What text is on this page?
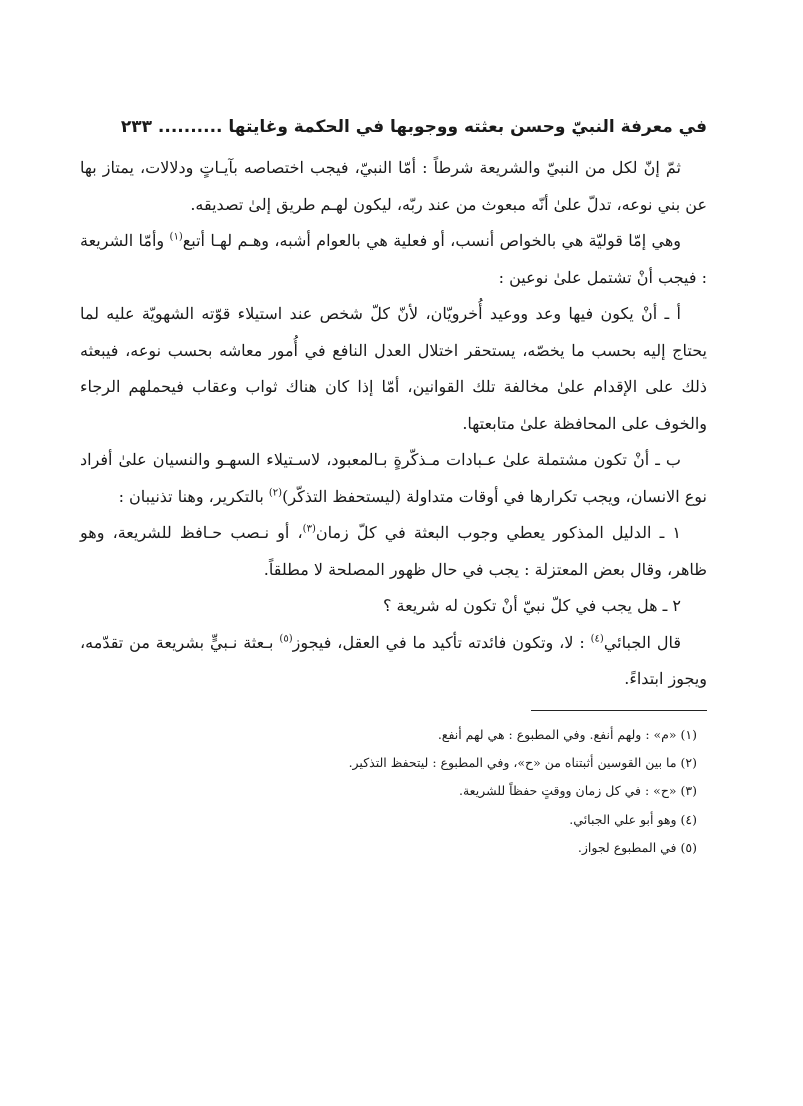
في معرفة النبيّ وحسن بعثته ووجوبها في الحكمة وغايتها .......... ٢٣٣

ثمّ إنّ لكل من النبيّ والشريعة شرطاً : أمّا النبيّ، فيجب اختصاصه بآيـاتٍ ودلالات، يمتاز بها عن بني نوعه، تدلّ علىٰ أنّه مبعوث من عند ربّه، ليكون لهـم طريق إلىٰ تصديقه.

وهي إمّا قوليّة هي بالخواص أنسب، أو فعلية هي بالعوام أشبه، وهـم لهـا أتبع$^{(١)}$ وأمّا الشريعة : فيجب أنْ تشتمل علىٰ نوعين :

أ ـ أنْ يكون فيها وعد ووعيد أُخرويّان، لأنّ كلّ شخص عند استيلاء قوّته الشهويّة عليه لما يحتاج إليه بحسب ما يخصّه، يستحقر اختلال العدل النافع في أُمور معاشه بحسب نوعه، فيبعثه ذلك على الإقدام علىٰ مخالفة تلك القوانين، أمّا إذا كان هناك ثواب وعقاب فيحملهم الرجاء والخوف على المحافظة علىٰ متابعتها.

ب ـ أنْ تكون مشتملة علىٰ عـبادات مـذكّرةٍ بـالمعبود، لاسـتيلاء السهـو والنسيان علىٰ أفراد نوع الانسان، ويجب تكرارها في أوقات متداولة (ليستحفظ التذكّر)$^{(٢)}$ بالتكرير، وهنا تذنيبان :

١ ـ الدليل المذكور يعطي وجوب البعثة في كلّ زمان$^{(٣)}$، أو نـصب حـافظ للشريعة، وهو ظاهر، وقال بعض المعتزلة : يجب في حال ظهور المصلحة لا مطلقاً.

٢ ـ هل يجب في كلّ نبيّ أنْ تكون له شريعة ؟

قال الجبائي$^{(٤)}$ : لا، وتكون فائدته تأكيد ما في العقل، فيجوز$^{(٥)}$ بـعثة نـبيٍّ بشريعة من تقدّمه، ويجوز ابتداءً.

(١) «م» : ولهم أنفع. وفي المطبوع : هي لهم أنفع.

(٢) ما بين القوسين أثبتناه من «ح»، وفي المطبوع : ليتحفظ التذكير.

(٣) «ح» : في كل زمان ووقتٍ حفظاً للشريعة.

(٤) وهو أبو علي الجبائي.

(٥) في المطبوع لجواز.
